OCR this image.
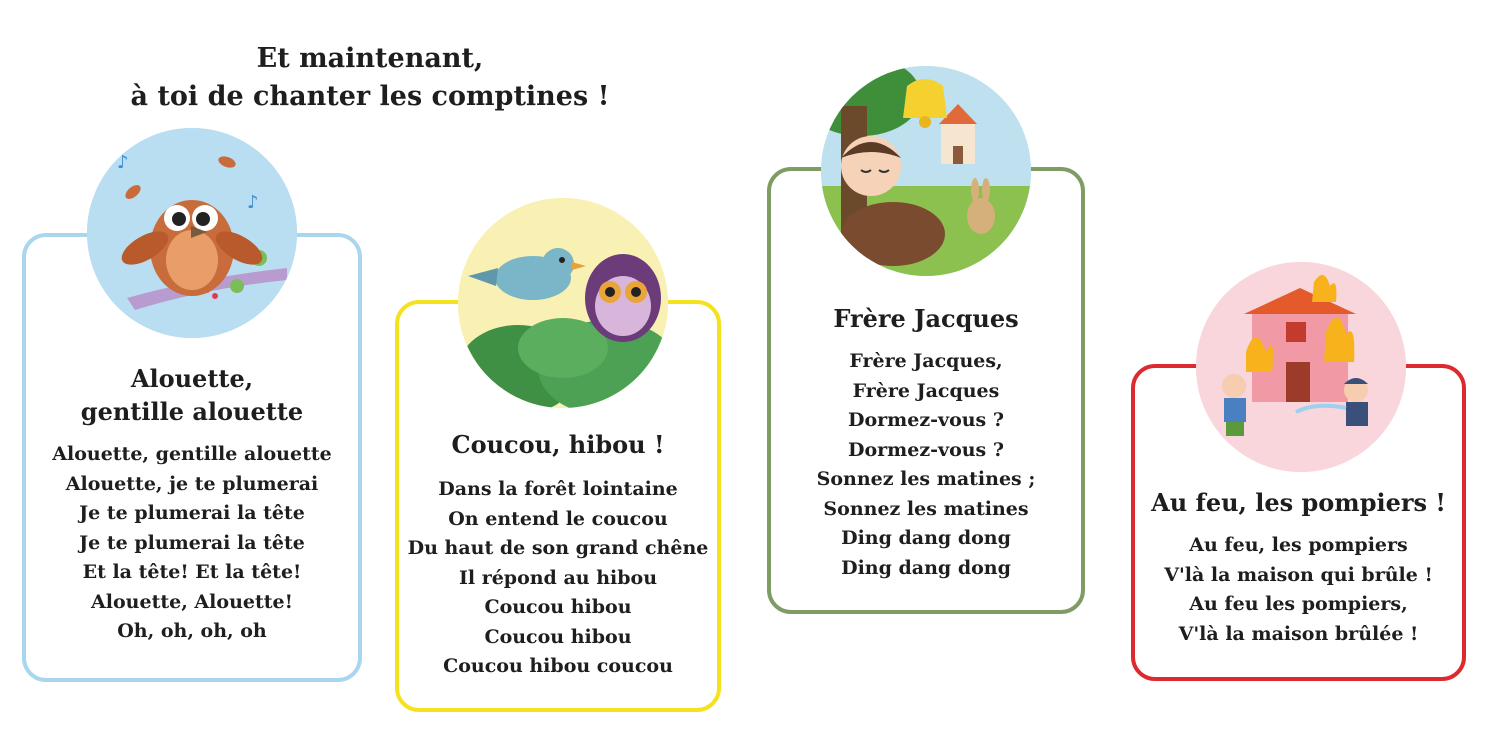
Et maintenant,
à toi de chanter les comptines !
Alouette,
gentille alouette
Alouette, gentille alouette
Alouette, je te plumerai
Je te plumerai la tête
Je te plumerai la tête
Et la tête! Et la tête!
Alouette, Alouette!
Oh, oh, oh, oh
♪
♪
Coucou, hibou !
Dans la forêt lointaine
On entend le coucou
Du haut de son grand chêne
Il répond au hibou
Coucou hibou
Coucou hibou
Coucou hibou coucou
Frère Jacques
Frère Jacques,
Frère Jacques
Dormez-vous ?
Dormez-vous ?
Sonnez les matines ;
Sonnez les matines
Ding dang dong
Ding dang dong
Au feu, les pompiers !
Au feu, les pompiers
V'là la maison qui brûle !
Au feu les pompiers,
V'là la maison brûlée !
